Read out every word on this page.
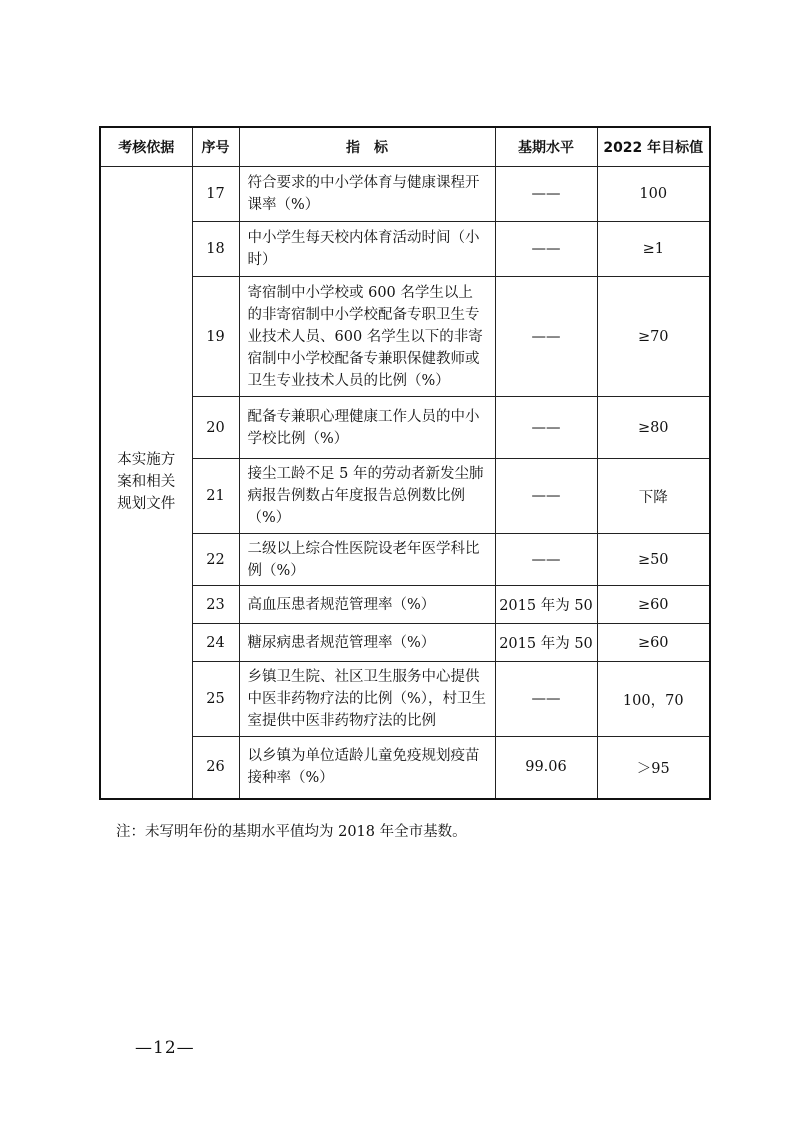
考核依据	序号	指　标	基期水平	2022 年目标值

本实施方案和相关规划文件	17	符合要求的中小学体育与健康课程开课率（%）	——	100
	18	中小学生每天校内体育活动时间（小时）	——	≥1
	19	寄宿制中小学校或 600 名学生以上的非寄宿制中小学校配备专职卫生专业技术人员、600 名学生以下的非寄宿制中小学校配备专兼职保健教师或卫生专业技术人员的比例（%）	——	≥70
	20	配备专兼职心理健康工作人员的中小学校比例（%）	——	≥80
	21	接尘工龄不足 5 年的劳动者新发尘肺病报告例数占年度报告总例数比例（%）	——	下降
	22	二级以上综合性医院设老年医学科比例（%）	——	≥50
	23	高血压患者规范管理率（%）	2015 年为 50	≥60
	24	糖尿病患者规范管理率（%）	2015 年为 50	≥60
	25	乡镇卫生院、社区卫生服务中心提供中医非药物疗法的比例（%），村卫生室提供中医非药物疗法的比例	——	100，70
	26	以乡镇为单位适龄儿童免疫规划疫苗接种率（%）	99.06	＞95
注：未写明年份的基期水平值均为 2018 年全市基数。
—12—
